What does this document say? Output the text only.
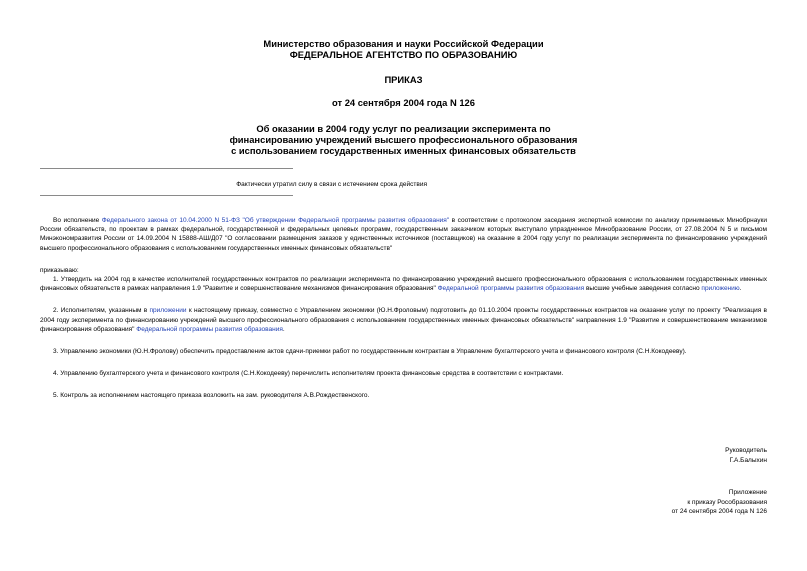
Министерство образования и науки Российской Федерации
ФЕДЕРАЛЬНОЕ АГЕНТСТВО ПО ОБРАЗОВАНИЮ
ПРИКАЗ
от 24 сентября 2004 года N 126
Об оказании в 2004 году услуг по реализации эксперимента по
финансированию учреждений высшего профессионального образования
с использованием государственных именных финансовых обязательств
Фактически утратил силу в связи с истечением срока действия

Во исполнение Федерального закона от 10.04.2000 N 51-ФЗ "Об утверждении Федеральной программы развития образования" в соответствии с протоколом заседания экспертной комиссии по анализу принимаемых Минобрнауки России обязательств, по проектам в рамках федеральной, государственной и федеральных целевых программ, государственным заказчиком которых выступало упраздненное Минобразование России, от 27.08.2004 N 5 и письмом Минэкономразвития России от 14.09.2004 N 15888-АШ/Д07 "О согласовании размещения заказов у единственных источников (поставщиков) на оказание в 2004 году услуг по реализации эксперимента по финансированию учреждений высшего профессионального образования с использованием государственных именных финансовых обязательств"

приказываю:

1. Утвердить на 2004 год в качестве исполнителей государственных контрактов по реализации эксперимента по финансированию учреждений высшего профессионального образования с использованием государственных именных финансовых обязательств в рамках направления 1.9 "Развитие и совершенствование механизмов финансирования образования" Федеральной программы развития образования высшие учебные заведения согласно приложению.

2. Исполнителям, указанным в приложении к настоящему приказу, совместно с Управлением экономики (Ю.Н.Фроловым) подготовить до 01.10.2004 проекты государственных контрактов на оказание услуг по проекту "Реализация в 2004 году эксперимента по финансированию учреждений высшего профессионального образования с использованием государственных именных финансовых обязательств" направления 1.9 "Развитие и совершенствование механизмов финансирования образования" Федеральной программы развития образования.

3. Управлению экономики (Ю.Н.Фролову) обеспечить предоставление актов сдачи-приемки работ по государственным контрактам в Управление бухгалтерского учета и финансового контроля (С.Н.Кокодееву).

4. Управлению бухгалтерского учета и финансового контроля (С.Н.Кокодееву) перечислить исполнителям проекта финансовые средства в соответствии с контрактами.

5. Контроль за исполнением настоящего приказа возложить на зам. руководителя А.В.Рождественского.

Руководитель
Г.А.Балыхин
Приложение
к приказу Рособразования
от 24 сентября 2004 года N 126
